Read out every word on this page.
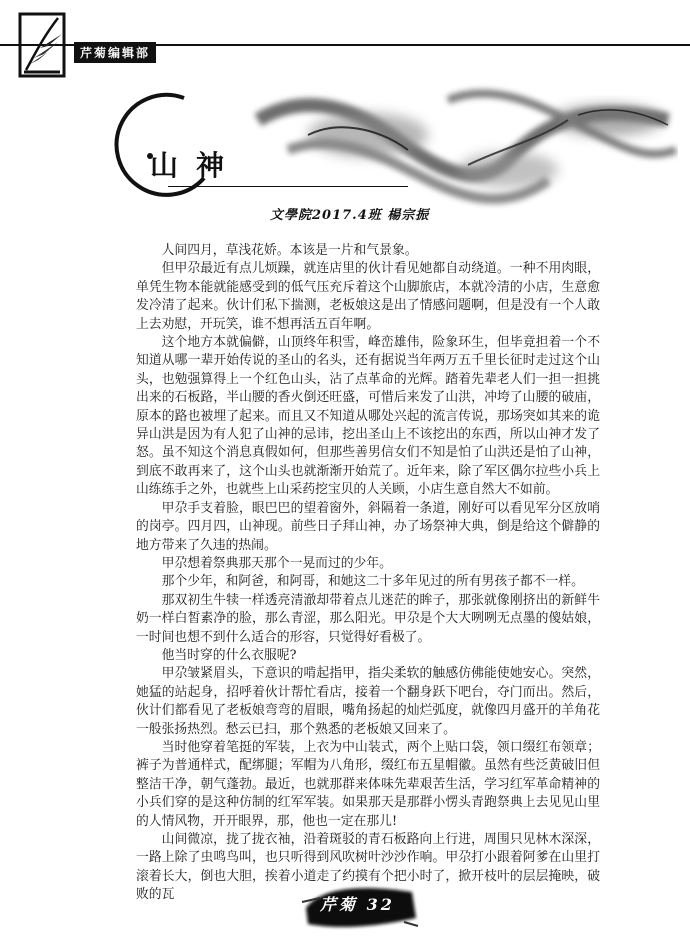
芹菊编辑部
山神
文學院2017.4班 楊宗振

人间四月，草浅花娇。本该是一片和气景象。

但甲尕最近有点儿烦躁，就连店里的伙计看见她都自动绕道。一种不用肉眼，单凭生物本能就能感受到的低气压充斥着这个山脚旅店，本就冷清的小店，生意愈发冷清了起来。伙计们私下揣测，老板娘这是出了情感问题啊，但是没有一个人敢上去劝慰，开玩笑，谁不想再活五百年啊。

这个地方本就偏僻，山顶终年积雪，峰峦雄伟，险象环生，但毕竟担着一个不知道从哪一辈开始传说的圣山的名头，还有据说当年两万五千里长征时走过这个山头，也勉强算得上一个红色山头，沾了点革命的光辉。踏着先辈老人们一担一担挑出来的石板路，半山腰的香火倒还旺盛，可惜后来发了山洪，冲垮了山腰的破庙，原本的路也被埋了起来。而且又不知道从哪处兴起的流言传说，那场突如其来的诡异山洪是因为有人犯了山神的忌讳，挖出圣山上不该挖出的东西，所以山神才发了怒。虽不知这个消息真假如何，但那些善男信女们不知是怕了山洪还是怕了山神，到底不敢再来了，这个山头也就渐渐开始荒了。近年来，除了军区偶尔拉些小兵上山练练手之外，也就些上山采药挖宝贝的人关顾，小店生意自然大不如前。

甲尕手支着脸，眼巴巴的望着窗外，斜隔着一条道，刚好可以看见军分区放哨的岗亭。四月四，山神现。前些日子拜山神，办了场祭神大典，倒是给这个僻静的地方带来了久违的热闹。

甲尕想着祭典那天那个一晃而过的少年。

那个少年，和阿爸，和阿哥，和她这二十多年见过的所有男孩子都不一样。

那双初生牛犊一样透亮清澈却带着点儿迷茫的眸子，那张就像刚挤出的新鲜牛奶一样白皙素净的脸，那么青涩，那么阳光。甲尕是个大大咧咧无点墨的傻姑娘，一时间也想不到什么适合的形容，只觉得好看极了。

他当时穿的什么衣服呢?

甲尕皱紧眉头，下意识的啃起指甲，指尖柔软的触感仿佛能使她安心。突然，她猛的站起身，招呼着伙计帮忙看店，接着一个翻身跃下吧台，夺门而出。然后，伙计们都看见了老板娘弯弯的眉眼，嘴角扬起的灿烂弧度，就像四月盛开的羊角花一般张扬热烈。愁云已扫，那个熟悉的老板娘又回来了。

当时他穿着笔挺的军装，上衣为中山装式，两个上贴口袋，领口缀红布领章；裤子为普通样式，配绑腿；军帽为八角形，缀红布五星帽徽。虽然有些泛黄破旧但整洁干净，朝气蓬勃。最近，也就那群来体味先辈艰苦生活，学习红军革命精神的小兵们穿的是这种仿制的红军军装。如果那天是那群小愣头青跑祭典上去见见山里的人情风物，开开眼界，那，他也一定在那儿!

山间微凉，拢了拢衣袖，沿着斑驳的青石板路向上行进，周围只见林木深深，一路上除了虫鸣鸟叫，也只听得到风吹树叶沙沙作响。甲尕打小跟着阿爹在山里打滚着长大，倒也大胆，挨着小道走了约摸有个把小时了，掀开枝叶的层层掩映，破败的瓦

芹菊 32
